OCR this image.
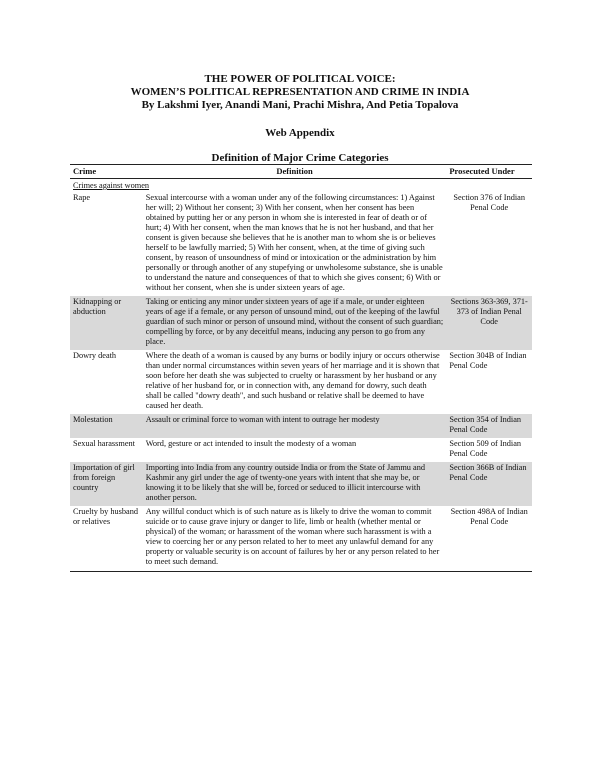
THE POWER OF POLITICAL VOICE:

WOMEN’S POLITICAL REPRESENTATION AND CRIME IN INDIA

By Lakshmi Iyer, Anandi Mani, Prachi Mishra, And Petia Topalova

Web Appendix
Definition of Major Crime Categories
Crime	Definition	Prosecuted Under
Crimes against women		
Rape	Sexual intercourse with a woman under any of the following circumstances: 1) Against her will; 2) Without her consent; 3) With her consent, when her consent has been obtained by putting her or any person in whom she is interested in fear of death or of hurt; 4) With her consent, when the man knows that he is not her husband, and that her consent is given because she believes that he is another man to whom she is or believes herself to be lawfully married; 5) With her consent, when, at the time of giving such consent, by reason of unsoundness of mind or intoxication or the administration by him personally or through another of any stupefying or unwholesome substance, she is unable to understand the nature and consequences of that to which she gives consent; 6) With or without her consent, when she is under sixteen years of age.	Section 376 of Indian Penal Code
Kidnapping or abduction	Taking or enticing any minor under sixteen years of age if a male, or under eighteen years of age if a female, or any person of unsound mind, out of the keeping of the lawful guardian of such minor or person of unsound mind, without the consent of such guardian; compelling by force, or by any deceitful means, inducing any person to go from any place.	Sections 363-369, 371-373 of Indian Penal Code
Dowry death	Where the death of a woman is caused by any burns or bodily injury or occurs otherwise than under normal circumstances within seven years of her marriage and it is shown that soon before her death she was subjected to cruelty or harassment by her husband or any relative of her husband for, or in connection with, any demand for dowry, such death shall be called "dowry death", and such husband or relative shall be deemed to have caused her death.	Section 304B of Indian Penal Code
Molestation	Assault or criminal force to woman with intent to outrage her modesty	Section 354 of Indian Penal Code
Sexual harassment	Word, gesture or act intended to insult the modesty of a woman	Section 509 of Indian Penal Code
Importation of girl from foreign country	Importing into India from any country outside India or from the State of Jammu and Kashmir any girl under the age of twenty-one years with intent that she may be, or knowing it to be likely that she will be, forced or seduced to illicit intercourse with another person.	Section 366B of Indian Penal Code
Cruelty by husband or relatives	Any willful conduct which is of such nature as is likely to drive the woman to commit suicide or to cause grave injury or danger to life, limb or health (whether mental or physical) of the woman; or harassment of the woman where such harassment is with a view to coercing her or any person related to her to meet any unlawful demand for any property or valuable security is on account of failures by her or any person related to her to meet such demand.	Section 498A of Indian Penal Code
